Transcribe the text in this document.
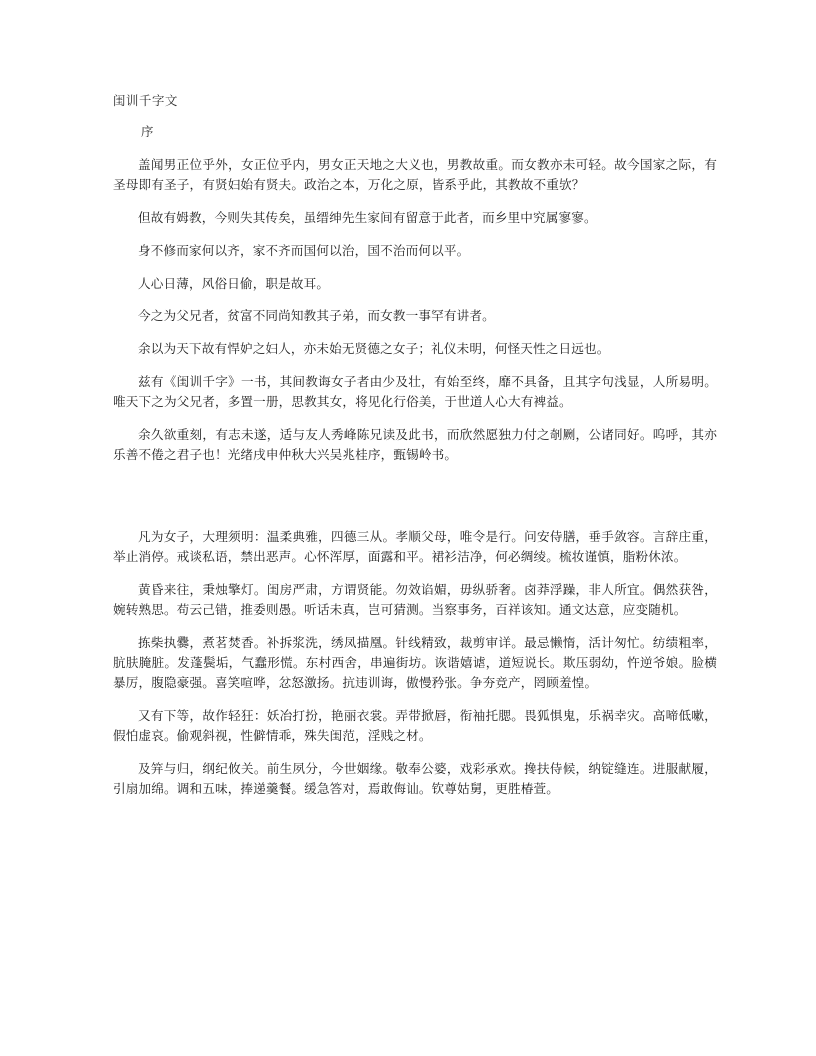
闺训千字文
序

盖闻男正位乎外，女正位乎内，男女正天地之大义也，男教故重。而女教亦未可轻。故今国家之际，有圣母即有圣子，有贤妇始有贤夫。政治之本，万化之原，皆系乎此，其教故不重欤？

但故有姆教，今则失其传矣，虽缙绅先生家间有留意于此者，而乡里中究属寥寥。

身不修而家何以齐，家不齐而国何以治，国不治而何以平。

人心日薄，风俗日偷，职是故耳。

今之为父兄者，贫富不同尚知教其子弟，而女教一事罕有讲者。

余以为天下故有悍妒之妇人，亦未始无贤德之女子；礼仪未明，何怪天性之日远也。

兹有《闺训千字》一书，其间教诲女子者由少及壮，有始至终，靡不具备，且其字句浅显，人所易明。唯天下之为父兄者，多置一册，思教其女，将见化行俗美，于世道人心大有裨益。

余久欲重刻，有志未遂，适与友人秀峰陈兄读及此书，而欣然愿独力付之剞劂，公诸同好。呜呼，其亦乐善不倦之君子也！光绪戌申仲秋大兴吴兆桂序，甄锡岭书。

凡为女子，大理须明：温柔典雅，四德三从。孝顺父母，唯令是行。问安侍膳，垂手敛容。言辞庄重，举止消停。戒谈私语，禁出恶声。心怀浑厚，面露和平。裙衫洁净，何必绸绫。梳妆谨慎，脂粉休浓。

黄昏来往，秉烛擎灯。闺房严肃，方谓贤能。勿效谄媚，毋纵骄奢。卤莽浮躁，非人所宜。偶然获咎，婉转熟思。苟云己错，推委则愚。听话未真，岂可猜测。当察事务，百祥该知。通文达意，应变随机。

拣柴执爨，煮茗焚香。补拆浆洗，绣凤描凰。针线精致，裁剪审详。最忌懒惰，活计匆忙。纺绩粗率，肮肤腌脏。发蓬鬓垢，气蠢形慌。东村西舍，串遍街坊。诙谐嬉谑，道短说长。欺压弱幼，忤逆爷娘。脸横暴厉，腹隐豪强。喜笑喧哗，忿怒激扬。抗违训诲，傲慢矜张。争夯竞产，罔顾羞惶。

又有下等，故作轻狂：妖冶打扮，艳丽衣裳。弄带掀唇，衔袖托腮。畏狐惧鬼，乐祸幸灾。高啼低嗽，假怕虚哀。偷观斜视，性僻情乖，殊失闺范，淫贱之材。

及笄与归，纲纪攸关。前生夙分，今世姻缘。敬奉公婆，戏彩承欢。搀扶侍候，纳锭缝连。进服献履，引扇加绵。调和五味，捧递羹餐。缓急答对，焉敢侮讪。钦尊姑舅，更胜椿萱。
